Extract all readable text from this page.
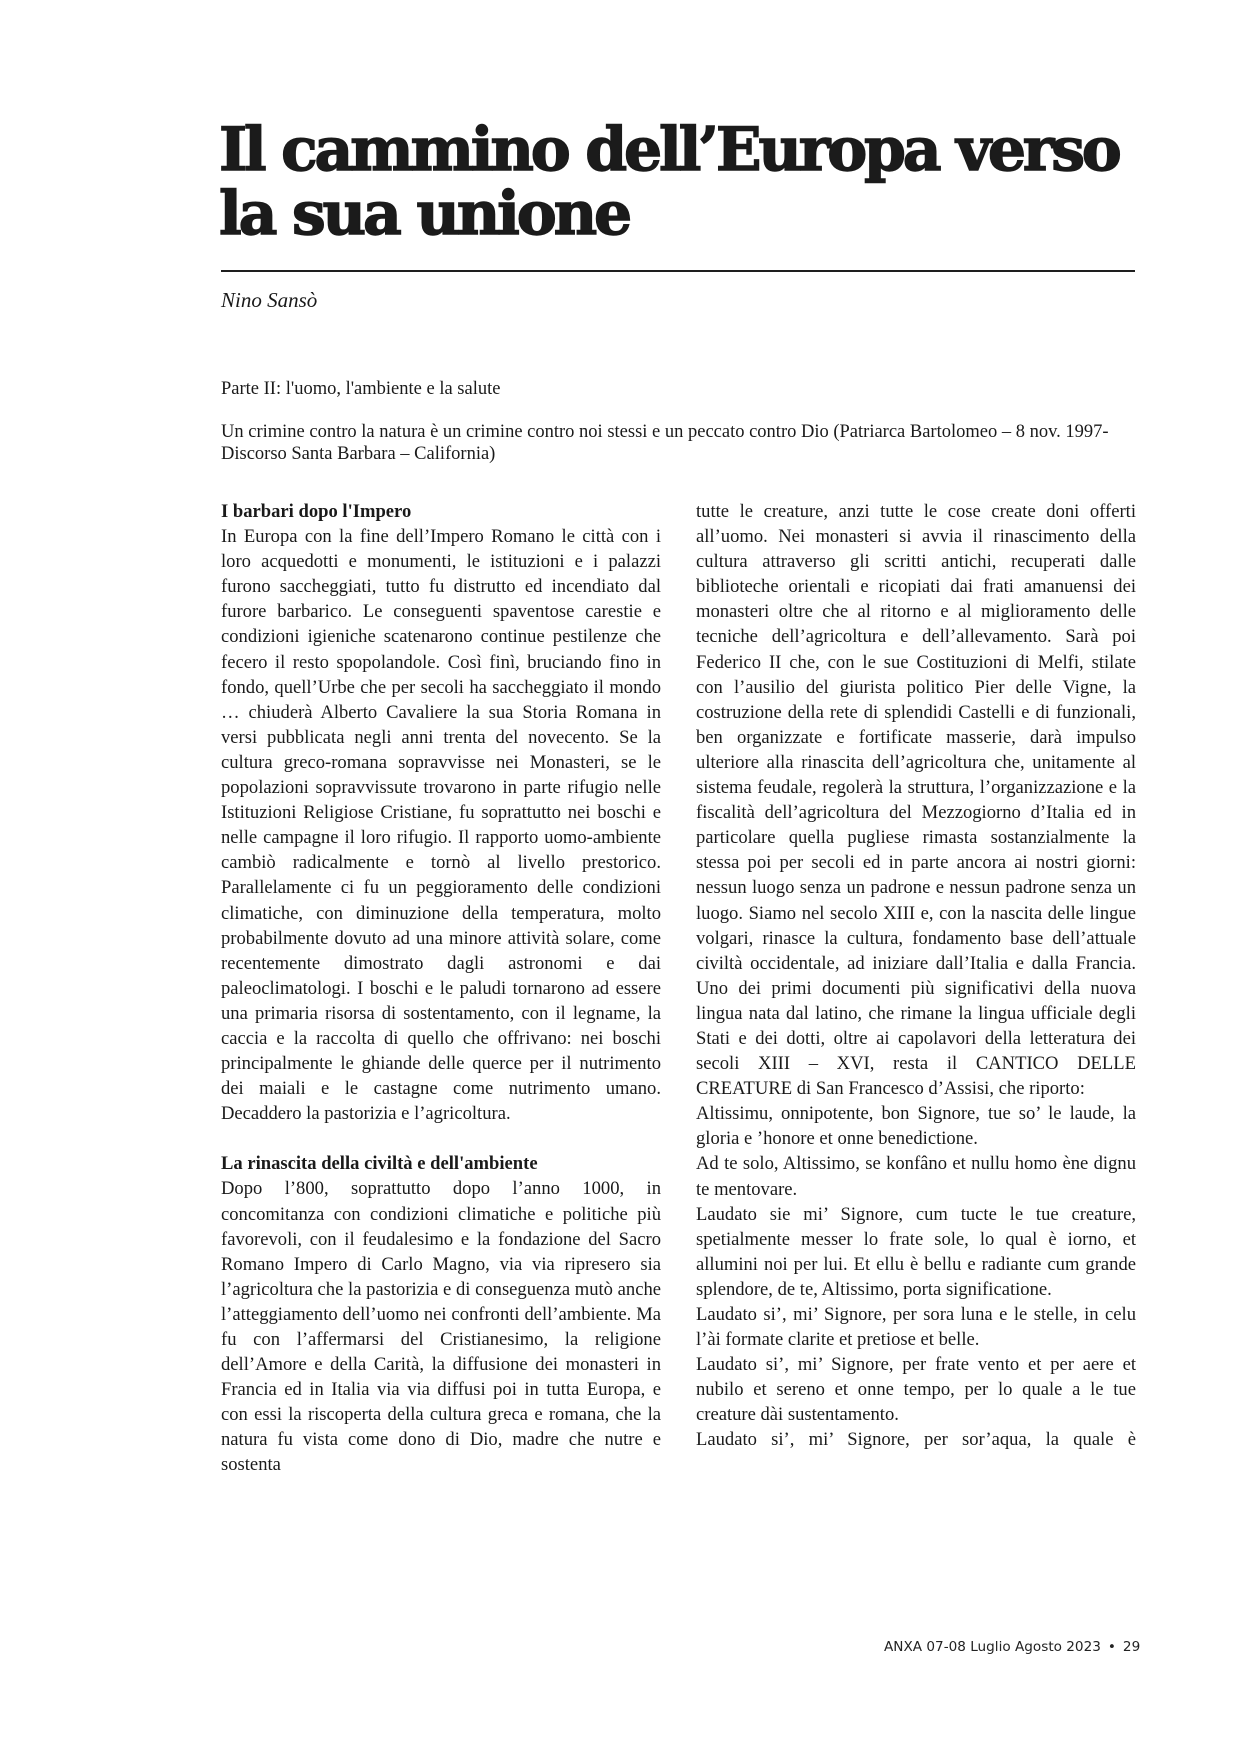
Il cammino dell’Europa verso la sua unione
Nino Sansò
Parte II: l'uomo, l'ambiente e la salute
Un crimine contro la natura è un crimine contro noi stessi e un peccato contro Dio (Patriarca Bartolomeo – 8 nov. 1997- Discorso Santa Barbara – California)
I barbari dopo l'Impero

In Europa con la fine dell’Impero Romano le città con i loro acquedotti e monumenti, le istituzioni e i palazzi furono saccheggiati, tutto fu distrutto ed incendiato dal furore barbarico. Le conseguenti spaventose carestie e condizioni igieniche scatenarono continue pestilenze che fecero il resto spopolandole. Così finì, bruciando fino in fondo, quell’Urbe che per secoli ha saccheggiato il mondo … chiuderà Alberto Cavaliere la sua Storia Romana in versi pubblicata negli anni trenta del novecento. Se la cultura greco-romana sopravvisse nei Monasteri, se le popolazioni sopravvissute trovarono in parte rifugio nelle Istituzioni Religiose Cristiane, fu soprattutto nei boschi e nelle campagne il loro rifugio. Il rapporto uomo-ambiente cambiò radicalmente e tornò al livello prestorico. Parallelamente ci fu un peggioramento delle condizioni climatiche, con diminuzione della temperatura, molto probabilmente dovuto ad una minore attività solare, come recentemente dimostrato dagli astronomi e dai paleoclimatologi. I boschi e le paludi tornarono ad essere una primaria risorsa di sostentamento, con il legname, la caccia e la raccolta di quello che offrivano: nei boschi principalmente le ghiande delle querce per il nutrimento dei maiali e le castagne come nutrimento umano. Decaddero la pastorizia e l’agricoltura.

La rinascita della civiltà e dell'ambiente

Dopo l’800, soprattutto dopo l’anno 1000, in concomitanza con condizioni climatiche e politiche più favorevoli, con il feudalesimo e la fondazione del Sacro Romano Impero di Carlo Magno, via via ripresero sia l’agricoltura che la pastorizia e di conseguenza mutò anche l’atteggiamento dell’uomo nei confronti dell’ambiente. Ma fu con l’affermarsi del Cristianesimo, la religione dell’Amore e della Carità, la diffusione dei monasteri in Francia ed in Italia via via diffusi poi in tutta Europa, e con essi la riscoperta della cultura greca e romana, che la natura fu vista come dono di Dio, madre che nutre e sostenta

tutte le creature, anzi tutte le cose create doni offerti all’uomo. Nei monasteri si avvia il rinascimento della cultura attraverso gli scritti antichi, recuperati dalle biblioteche orientali e ricopiati dai frati amanuensi dei monasteri oltre che al ritorno e al miglioramento delle tecniche dell’agricoltura e dell’allevamento. Sarà poi Federico II che, con le sue Costituzioni di Melfi, stilate con l’ausilio del giurista politico Pier delle Vigne, la costruzione della rete di splendidi Castelli e di funzionali, ben organizzate e fortificate masserie, darà impulso ulteriore alla rinascita dell’agricoltura che, unitamente al sistema feudale, regolerà la struttura, l’organizzazione e la fiscalità dell’agricoltura del Mezzogiorno d’Italia ed in particolare quella pugliese rimasta sostanzialmente la stessa poi per secoli ed in parte ancora ai nostri giorni: nessun luogo senza un padrone e nessun padrone senza un luogo. Siamo nel secolo XIII e, con la nascita delle lingue volgari, rinasce la cultura, fondamento base dell’attuale civiltà occidentale, ad iniziare dall’Italia e dalla Francia. Uno dei primi documenti più significativi della nuova lingua nata dal latino, che rimane la lingua ufficiale degli Stati e dei dotti, oltre ai capolavori della letteratura dei secoli XIII – XVI, resta il CANTICO DELLE CREATURE di San Francesco d’Assisi, che riporto:

Altissimu, onnipotente, bon Signore, tue so’ le laude, la gloria e ’honore et onne benedictione.

Ad te solo, Altissimo, se konfâno et nullu homo ène dignu te mentovare.

Laudato sie mi’ Signore, cum tucte le tue creature, spetialmente messer lo frate sole, lo qual è iorno, et allumini noi per lui. Et ellu è bellu e radiante cum grande splendore, de te, Altissimo, porta significatione.

Laudato si’, mi’ Signore, per sora luna e le stelle, in celu l’ài formate clarite et pretiose et belle.

Laudato si’, mi’ Signore, per frate vento et per aere et nubilo et sereno et onne tempo, per lo quale a le tue creature dài sustentamento.

Laudato si’, mi’ Signore, per sor’aqua, la quale è

ANXA 07-08 Luglio Agosto 2023 • 29
